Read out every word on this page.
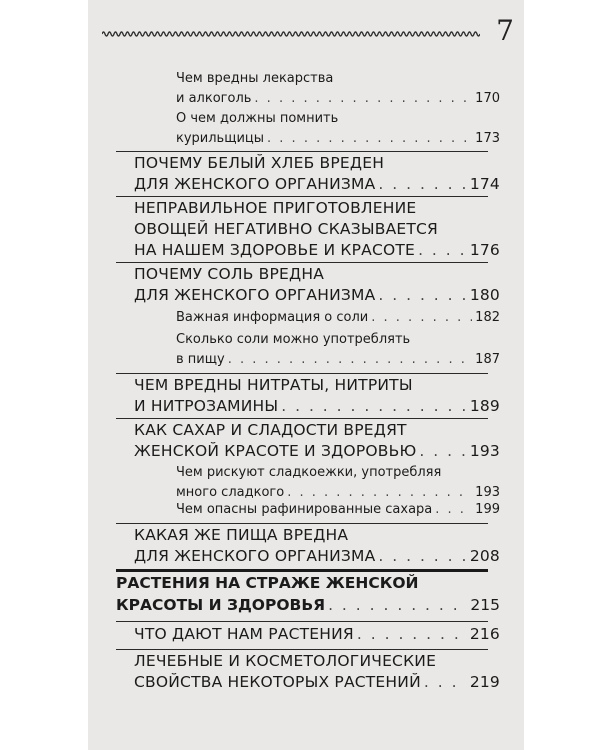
7
Чем вредны лекарства
и алкоголь . . .	170
О чем должны помнить
курильщицы . . .	173
ПОЧЕМУ БЕЛЫЙ ХЛЕБ ВРЕДЕН
ДЛЯ ЖЕНСКОГО ОРГАНИЗМА . . .	174
НЕПРАВИЛЬНОЕ ПРИГОТОВЛЕНИЕ
ОВОЩЕЙ НЕГАТИВНО СКАЗЫВАЕТСЯ
НА НАШЕМ ЗДОРОВЬЕ И КРАСОТЕ . . .	176
ПОЧЕМУ СОЛЬ ВРЕДНА
ДЛЯ ЖЕНСКОГО ОРГАНИЗМА . . .	180
Важная информация о соли . . .	182
Сколько соли можно употреблять
в пищу . . .	187
ЧЕМ ВРЕДНЫ НИТРАТЫ, НИТРИТЫ
И НИТРОЗАМИНЫ . . .	189
КАК САХАР И СЛАДОСТИ ВРЕДЯТ
ЖЕНСКОЙ КРАСОТЕ И ЗДОРОВЬЮ . . .	193
Чем рискуют сладкоежки, употребляя
много сладкого . . .	193
Чем опасны рафинированные сахара . . .	199
КАКАЯ ЖЕ ПИЩА ВРЕДНА
ДЛЯ ЖЕНСКОГО ОРГАНИЗМА . . .	208
РАСТЕНИЯ НА СТРАЖЕ ЖЕНСКОЙ
КРАСОТЫ И ЗДОРОВЬЯ . . .	215
ЧТО ДАЮТ НАМ РАСТЕНИЯ . . .	216
ЛЕЧЕБНЫЕ И КОСМЕТОЛОГИЧЕСКИЕ
СВОЙСТВА НЕКОТОРЫХ РАСТЕНИЙ . . .	219
